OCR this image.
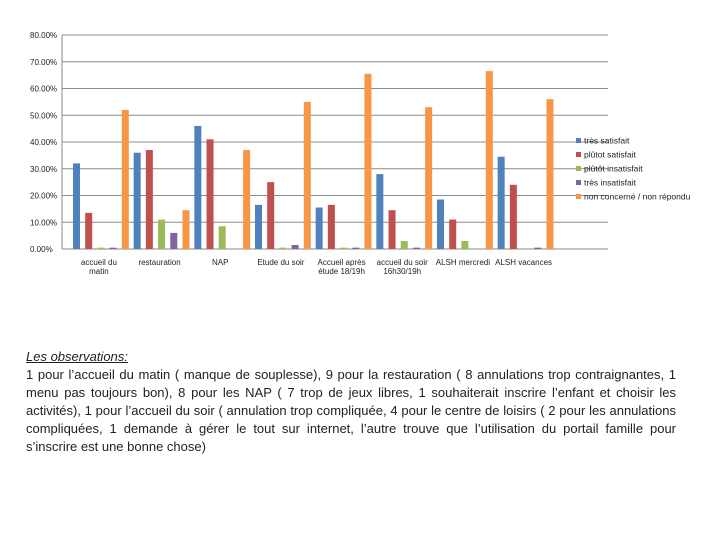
0.00%
10.00%
20.00%
30.00%
40.00%
50.00%
60.00%
70.00%
80.00%
accueil du
matin
restauration	NAP	Etude du soir Accueil après
étude 18/19h
accueil du soir
16h30/19h
ALSH mercredi ALSH vacances
très satisfait
plûtot satisfait
plûtôt insatisfait
très insatisfait
non concerné / non répondu
Les observations:
1 pour l’accueil du matin ( manque de souplesse), 9 pour la restauration ( 8 annulations trop contraignantes, 1 menu pas toujours bon), 8 pour les NAP ( 7 trop de jeux libres, 1 souhaiterait inscrire l’enfant et choisir les activités), 1 pour l’accueil du soir ( annulation trop compliquée, 4 pour le centre de loisirs ( 2 pour les annulations compliquées, 1 demande à gérer le tout sur internet, l’autre trouve que l’utilisation du portail famille pour s’inscrire est une bonne chose)
